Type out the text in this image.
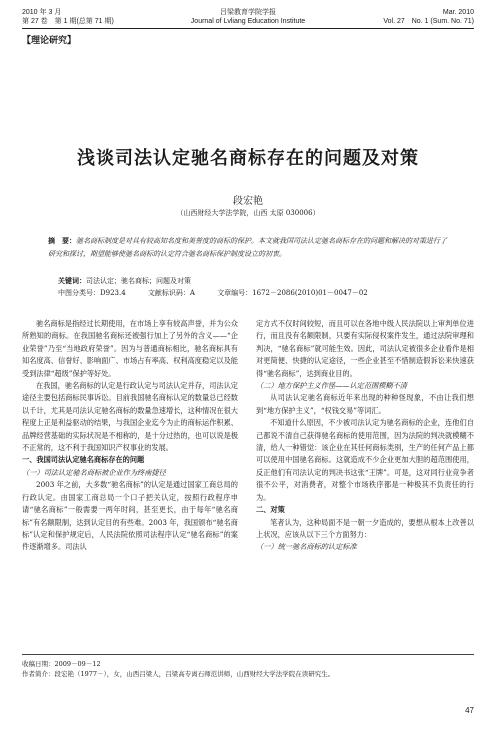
2010 年 3 月
第 27 卷　第 1 期(总第 71 期)
吕梁教育学院学报
Journal of Lvliang Education Institute
Mar. 2010
Vol. 27　No. 1 (Sum. No. 71)
【理论研究】
浅谈司法认定驰名商标存在的问题及对策
段宏艳
（山西财经大学法学院，山西 太原 030006）
摘　要：驰名商标制度是对具有较高知名度和美誉度的商标的保护。本文就我国司法认定驰名商标存在的问题和解决的对策进行了研究和探讨，期望能够使驰名商标的认定符合驰名商标保护制度设立的初衷。
关键词：司法认定；驰名商标；问题及对策
中图分类号：D923.4	文献标识码：A	文章编号：1672－2086(2010)01－0047－02

驰名商标是指经过长期使用，在市场上享有较高声誉，并为公众所熟知的商标。在我国驰名商标还被强行加上了另外的含义——“企业荣誉”乃至“当地政府荣誉”。因为与普通商标相比，驰名商标具有知名度高、信誉好、影响面广、市场占有率高、权利高度稳定以及能受到法律“超级”保护等好处。

在我国，驰名商标的认定是行政认定与司法认定并存，司法认定途径主要包括商标民事诉讼。目前我国驰名商标认定的数量总已经数以千计，尤其是司法认定驰名商标的数量急速增长，这种情况在很大程度上正是利益驱动的结果，与我国企业迄今为止的商标运作积累、品牌经营基础的实际状况是不相称的，是十分过热的，也可以说是极不正常的，这不利于我国知识产权事业的发展。

一、我国司法认定驰名商标存在的问题

（一）司法认定驰名商标被企业作为终南捷径

2003 年之前，大多数“驰名商标”的认定是通过国家工商总局的行政认定。由国家工商总局一个口子把关认定，按照行政程序申请“驰名商标”一般需要一两年时间，甚至更长，由于每年“驰名商标”有名额限制，达到认定目的有些难。2003 年，我国颁布“驰名商标”认定和保护规定后，人民法院依照司法程序认定“驰名商标”的案件逐渐增多。司法认

定方式不仅时间较短，而且可以在各地中级人民法院以上审判单位进行，而且没有名额限制，只要有实际侵权案件发生，通过法院审理和判决，“驰名商标”就可能生效。因此，司法认定被很多企业看作是相对更简便、快捷的认定途径，一些企业甚至不惜制造假诉讼来快速获得“驰名商标”，达到商业目的。

（二）地方保护主义作怪——认定范围模糊不清

从司法认定驰名商标近年来出现的种种怪现象，不由让我们想到“地方保护主义”，“权钱交易”等词汇。

不知道什么原因，不少被司法认定为驰名商标的企业，连他们自己都说不清自己获得驰名商标的使用范围，因为法院的判决就模糊不清，给人一种错觉：该企业在其任何商标类别，生产的任何产品上都可以使用中国驰名商标。这就造成不少企业更加大胆的超范围使用，反正他们有司法认定的判决书这张“王牌”。可是，这对同行业竞争者很不公平，对消费者，对整个市场秩序都是一种极其不负责任的行为。

二、对策

笔者认为，这种局面不是一朝一夕造成的，要想从根本上改善以上状况，应该从以下三个方面努力：

（一）统一驰名商标的认定标准

收稿日期：2009－09－12
作者简介：段宏艳（1977－），女，山西吕梁人，吕梁高专离石师范讲师，山西财经大学法学院在读研究生。
47
